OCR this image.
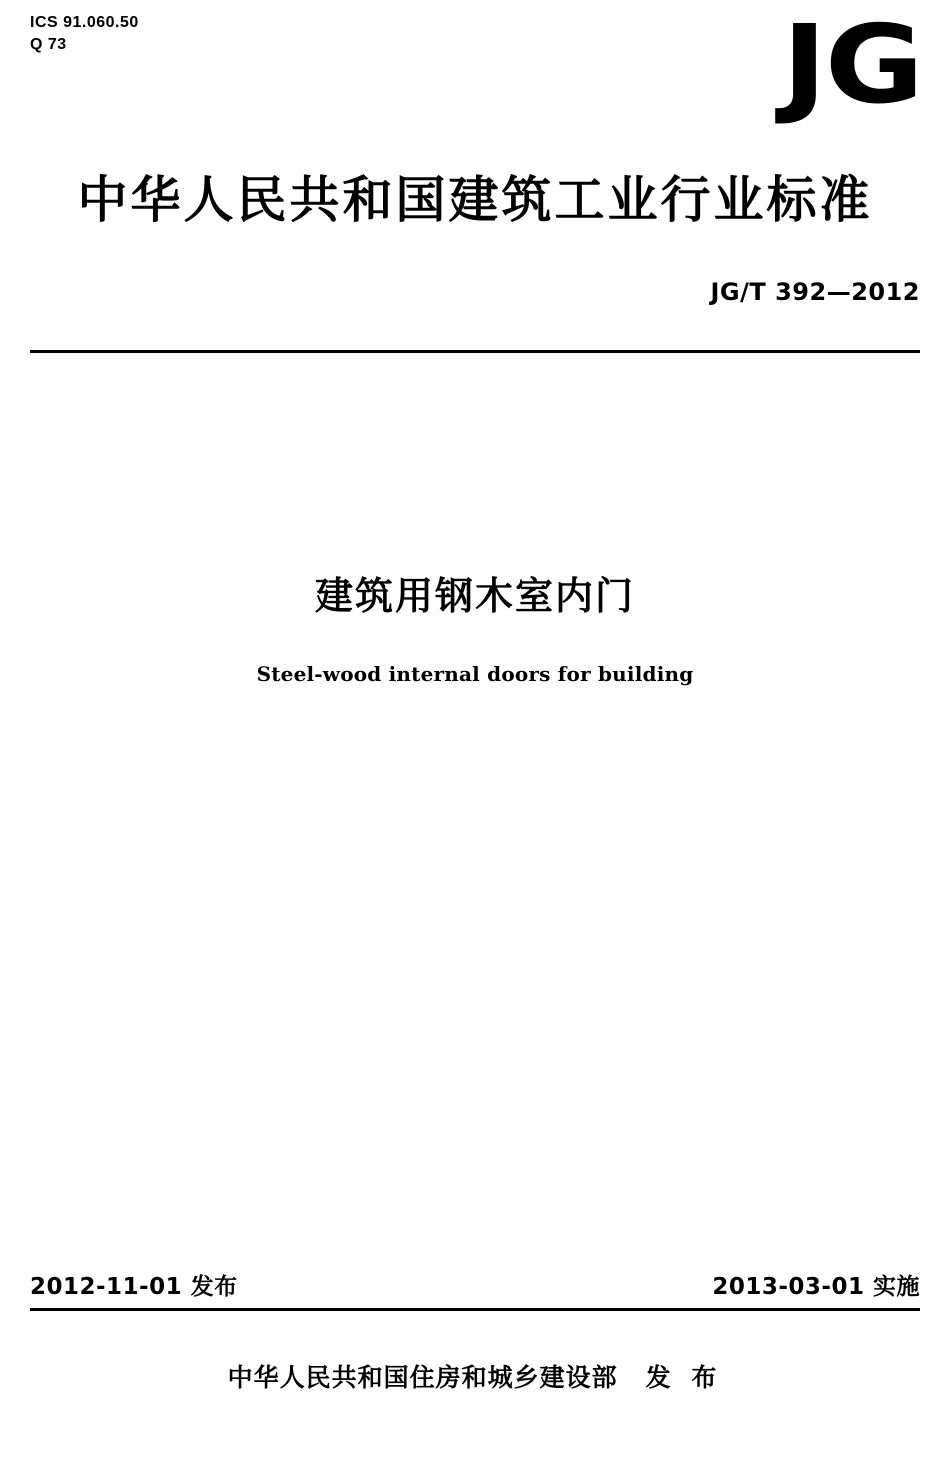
ICS 91.060.50
Q 73	JG
中华人民共和国建筑工业行业标准
JG/T 392—2012
建筑用钢木室内门
Steel-wood internal doors for building
2012-11-01 发布	2013-03-01 实施
中华人民共和国住房和城乡建设部 发 布
